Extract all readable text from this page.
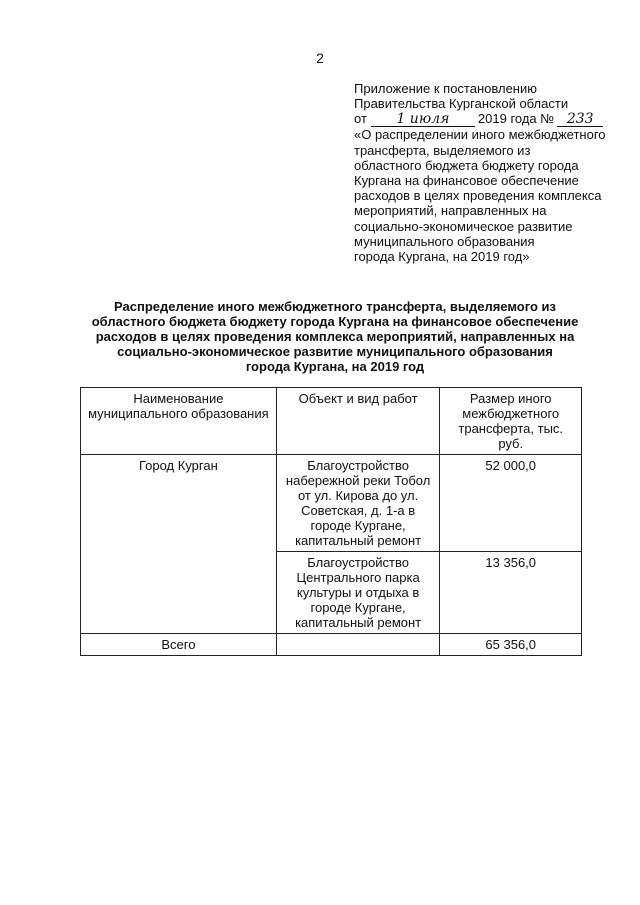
2
Приложение к постановлению
Правительства Курганской области
от 1 июля 2019 года № 233
«О распределении иного межбюджетного
трансферта, выделяемого из
областного бюджета бюджету города
Кургана на финансовое обеспечение
расходов в целях проведения комплекса
мероприятий, направленных на
социально-экономическое развитие
муниципального образования
города Кургана, на 2019 год»
Распределение иного межбюджетного трансферта, выделяемого из
областного бюджета бюджету города Кургана на финансовое обеспечение
расходов в целях проведения комплекса мероприятий, направленных на
социально-экономическое развитие муниципального образования
города Кургана, на 2019 год
Наименование муниципального образования	Объект и вид работ	Размер иного межбюджетного трансферта, тыс. руб.
Город Курган	Благоустройство набережной реки Тобол от ул. Кирова до ул. Советская, д. 1-а в городе Кургане, капитальный ремонт	52 000,0
	Благоустройство Центрального парка культуры и отдыха в городе Кургане, капитальный ремонт	13 356,0
Всего		65 356,0
